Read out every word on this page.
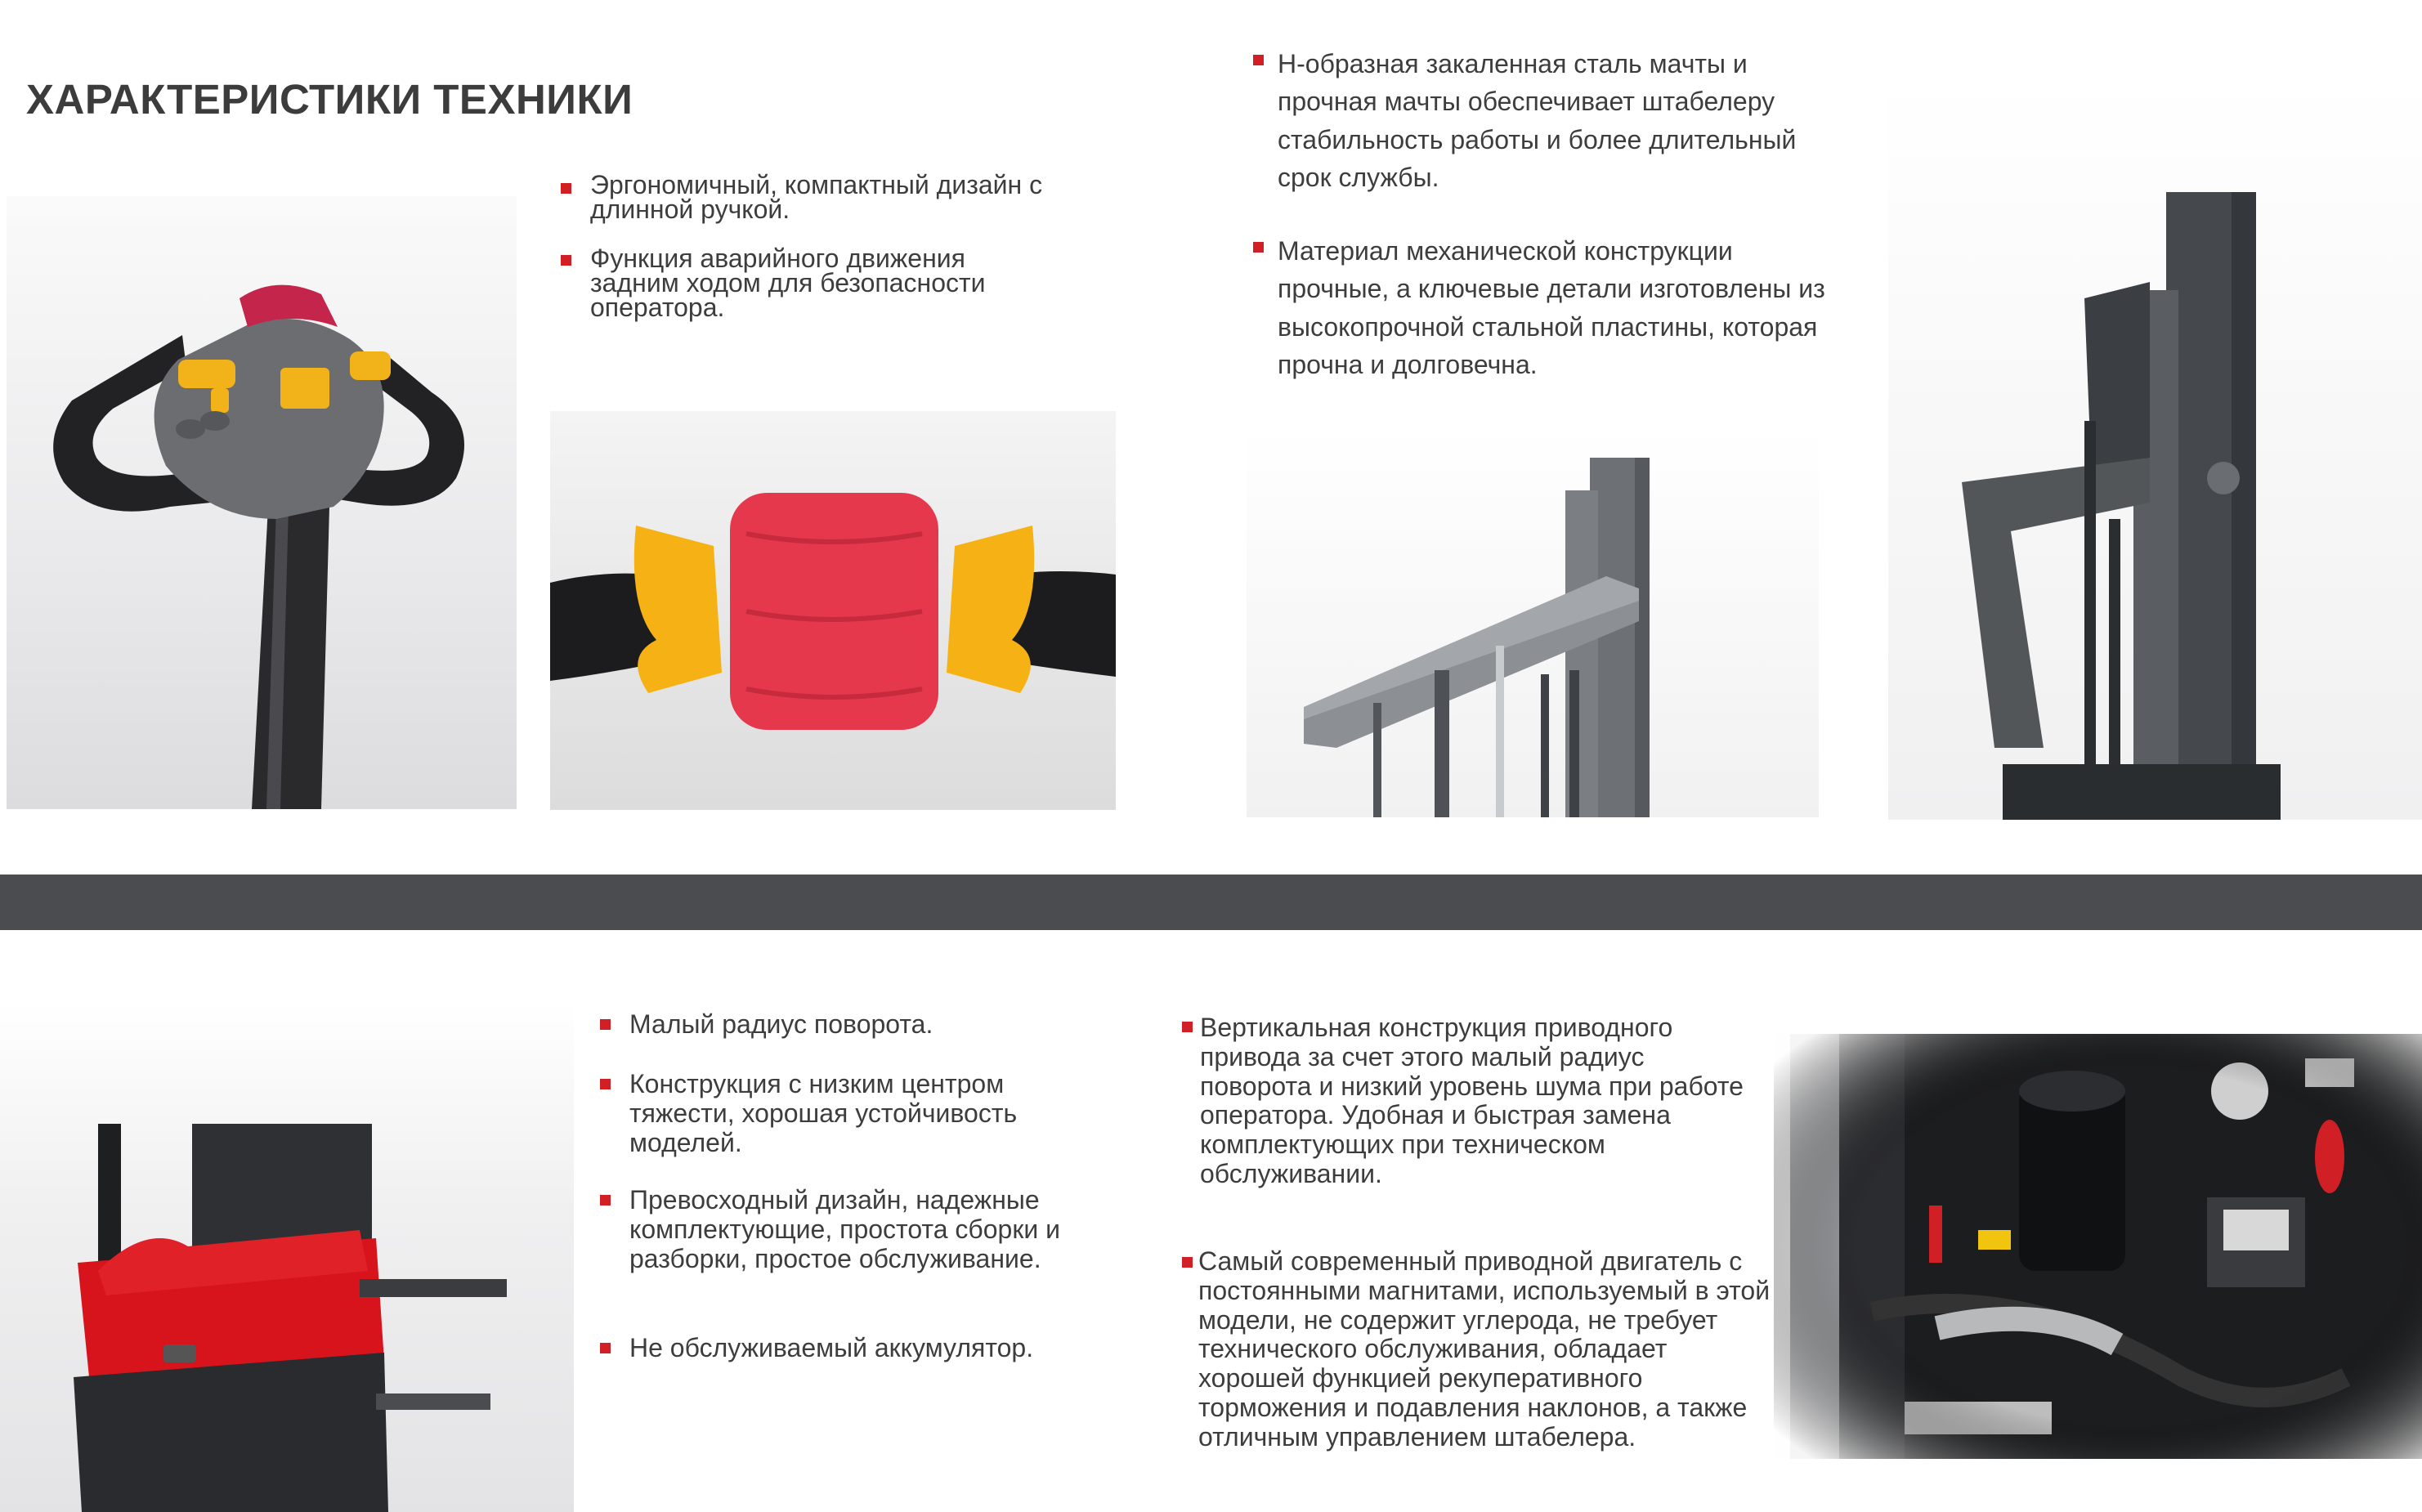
ХАРАКТЕРИСТИКИ ТЕХНИКИ
Эргономичный, компактный дизайн с длинной ручкой.
Функция аварийного движения задним ходом для безопасности оператора.
Н-образная закаленная сталь мачты и прочная мачты обеспечивает штабелеру стабильность работы и более длительный срок службы.
Материал механической конструкции прочные, а ключевые детали изготовлены из высокопрочной стальной пластины, которая прочна и долговечна.
Малый радиус поворота.
Конструкция с низким центром тяжести, хорошая устойчивость моделей.
Превосходный дизайн, надежные комплектующие, простота сборки и разборки, простое обслуживание.
Не обслуживаемый аккумулятор.
Вертикальная конструкция приводного привода за счет этого малый радиус поворота и низкий уровень шума при работе оператора. Удобная и быстрая замена комплектующих при техническом обслуживании.
Самый современный приводной двигатель с постоянными магнитами, используемый в этой модели, не содержит углерода, не требует технического обслуживания, обладает хорошей функцией рекуперативного торможения и подавления наклонов, а также отличным управлением штабелера.
